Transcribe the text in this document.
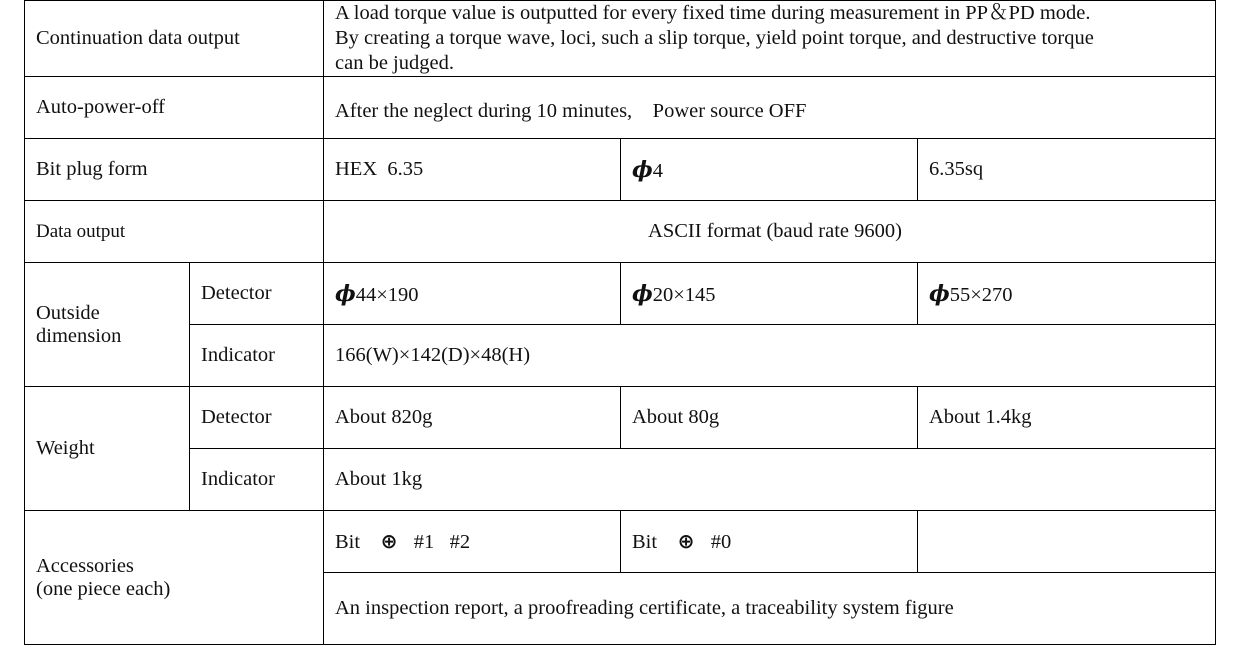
Continuation data output		A load torque value is outputted for every fixed time during measurement in PP＆PD mode.
By creating a torque wave, loci, such a slip torque, yield point torque, and destructive torque
can be judged.		

Auto-power-off		After the neglect during 10 minutes,　Power source OFF		
Bit plug form		HEX  6.35	ϕ4	6.35sq
Data output		ASCII format (baud rate 9600)		

Outside
dimension	Detector	ϕ44×190	ϕ20×145	ϕ55×270
	Indicator	166(W)×142(D)×48(H)		
Weight	Detector	About 820g	About 80g	About 1.4kg
	Indicator	About 1kg		

Accessories
(one piece each)		Bit ⊕ #1   #2	Bit ⊕ #0	
		An inspection report, a proofreading certificate, a traceability system figure		
